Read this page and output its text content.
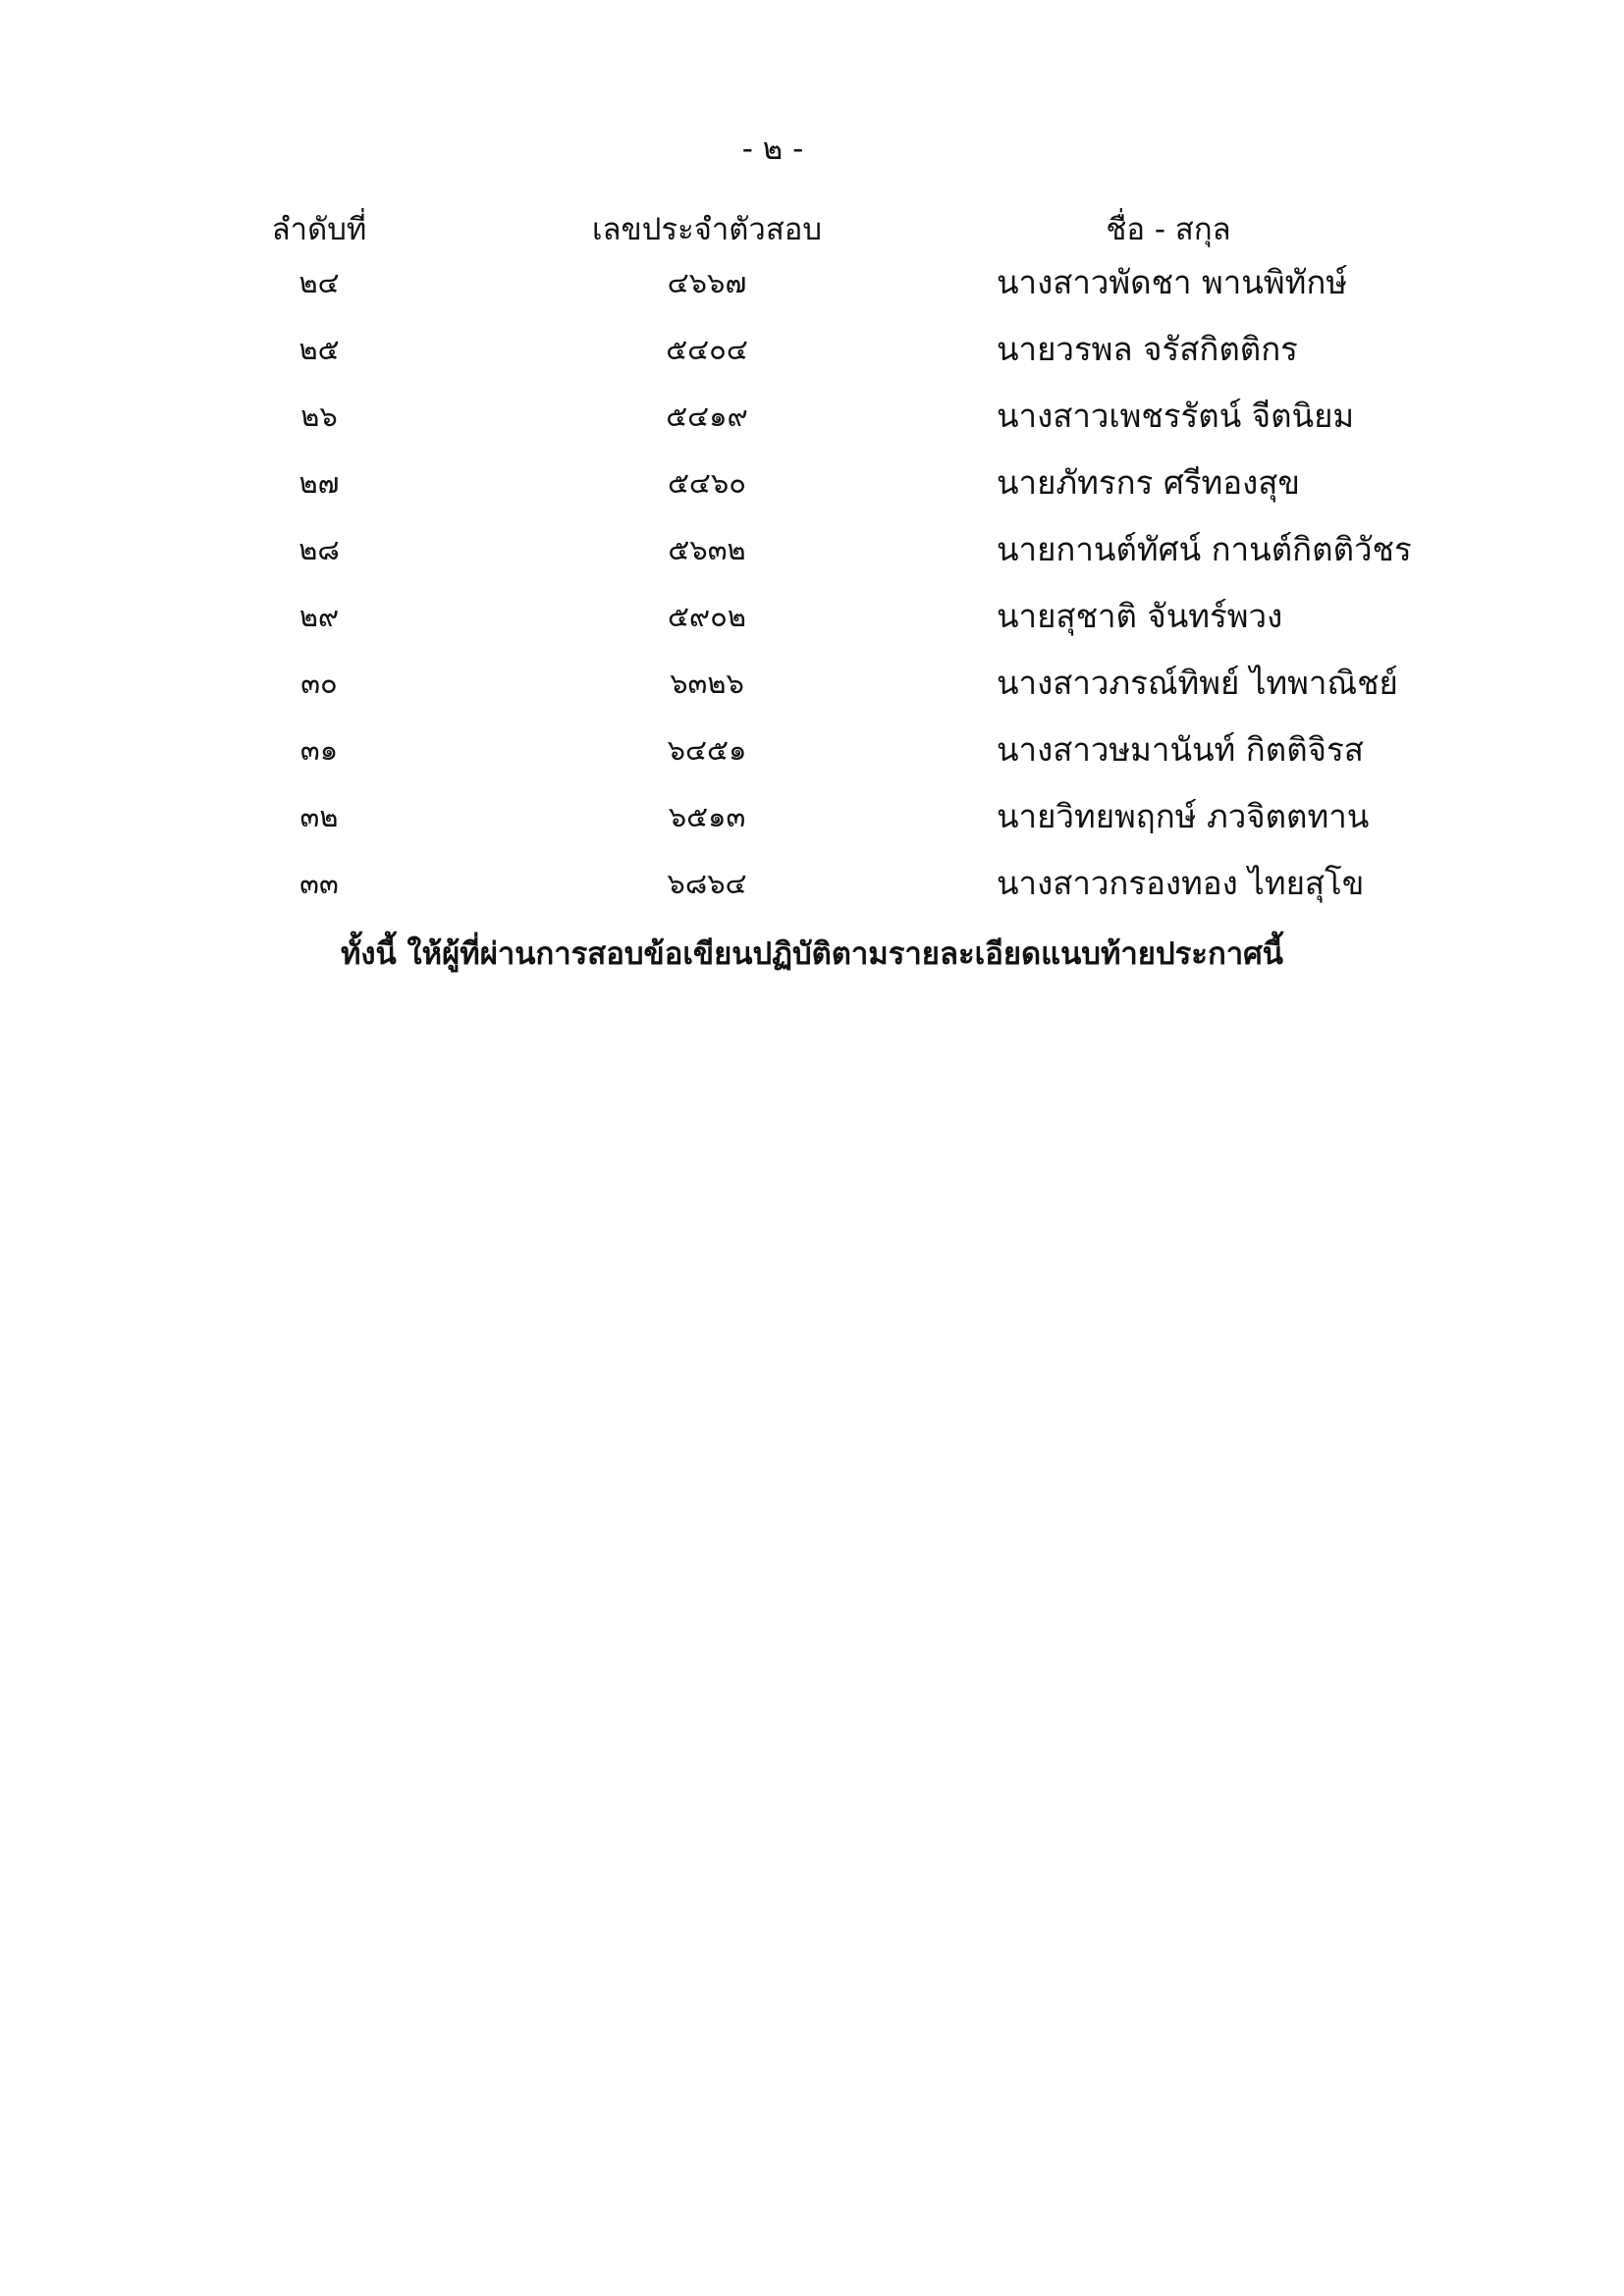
- ๒ -
ลำดับที่	เลขประจำตัวสอบ	ชื่อ - สกุล
๒๔	๔๖๖๗	นางสาวพัดชา พานพิทักษ์
๒๕	๕๔๐๔	นายวรพล จรัสกิตติกร
๒๖	๕๔๑๙	นางสาวเพชรรัตน์ จีตนิยม
๒๗	๕๔๖๐	นายภัทรกร ศรีทองสุข
๒๘	๕๖๓๒	นายกานต์ทัศน์ กานต์กิตติวัชร
๒๙	๕๙๐๒	นายสุชาติ จันทร์พวง
๓๐	๖๓๒๖	นางสาวภรณ์ทิพย์ ไทพาณิชย์
๓๑	๖๔๕๑	นางสาวษมานันท์ กิตติจิรส
๓๒	๖๕๑๓	นายวิทยพฤกษ์ ภวจิตตทาน
๓๓	๖๘๖๔	นางสาวกรองทอง ไทยสุโข
ทั้งนี้ ให้ผู้ที่ผ่านการสอบข้อเขียนปฏิบัติตามรายละเอียดแนบท้ายประกาศนี้
